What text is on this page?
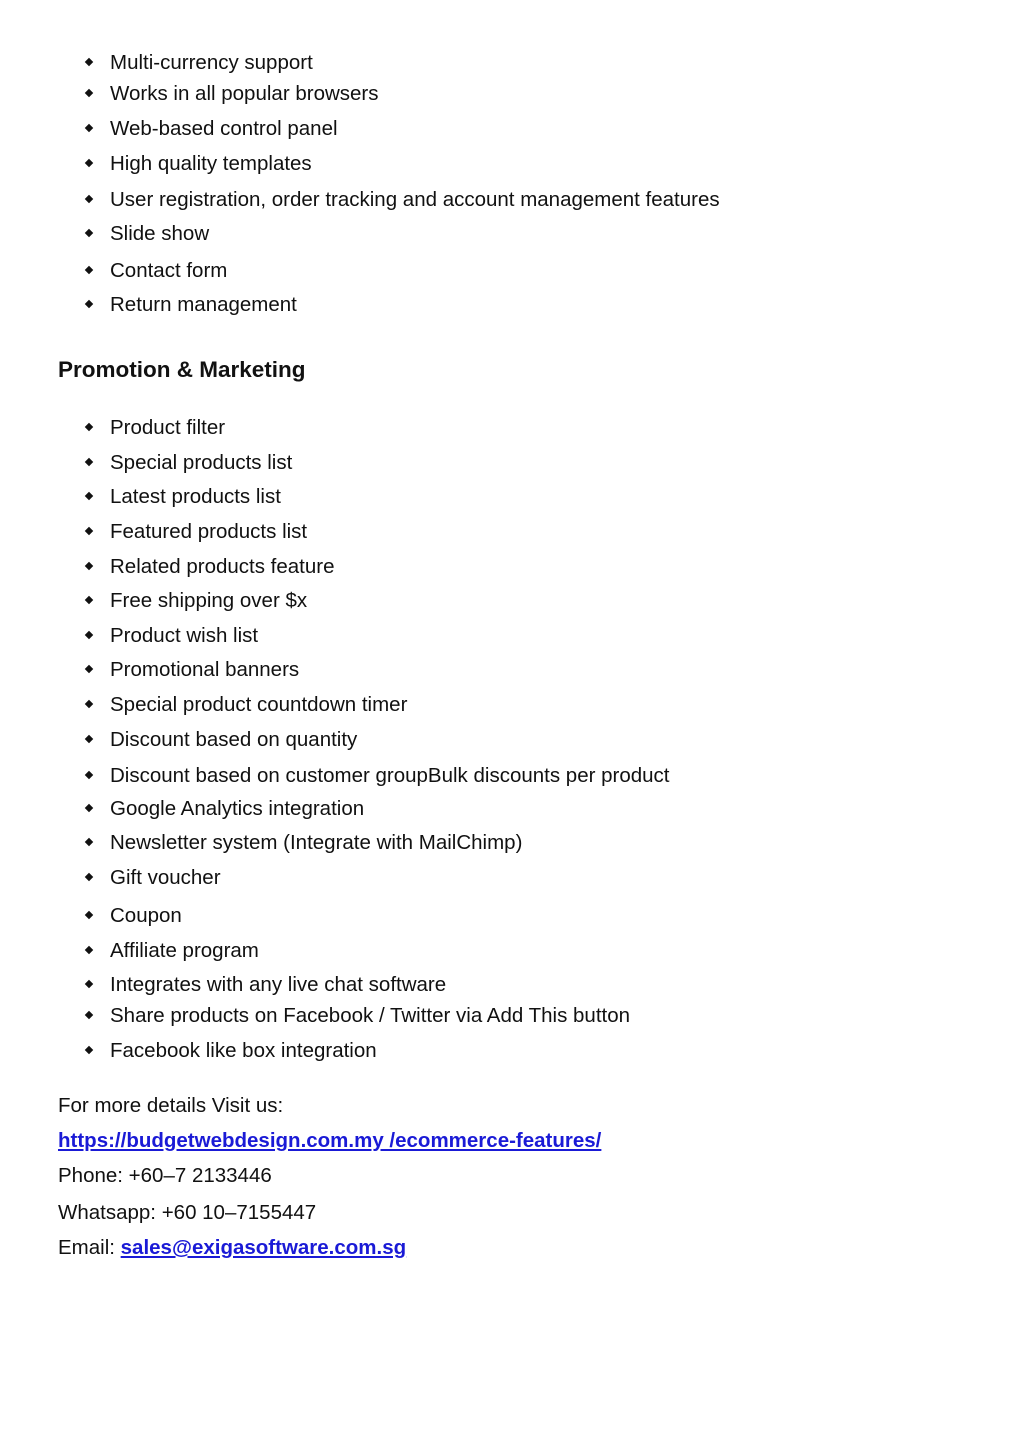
Multi-currency support
Works in all popular browsers
Web-based control panel
High quality templates
User registration, order tracking and account management features
Slide show
Contact form
Return management
Promotion & Marketing
Product filter
Special products list
Latest products list
Featured products list
Related products feature
Free shipping over $x
Product wish list
Promotional banners
Special product countdown timer
Discount based on quantity
Discount based on customer groupBulk discounts per product
Google Analytics integration
Newsletter system (Integrate with MailChimp)
Gift voucher
Coupon
Affiliate program
Integrates with any live chat software
Share products on Facebook / Twitter via Add This button
Facebook like box integration
For more details Visit us:
https://budgetwebdesign.com.my /ecommerce-features/
Phone: +60–7 2133446
Whatsapp: +60 10–7155447
Email: sales@exigasoftware.com.sg
